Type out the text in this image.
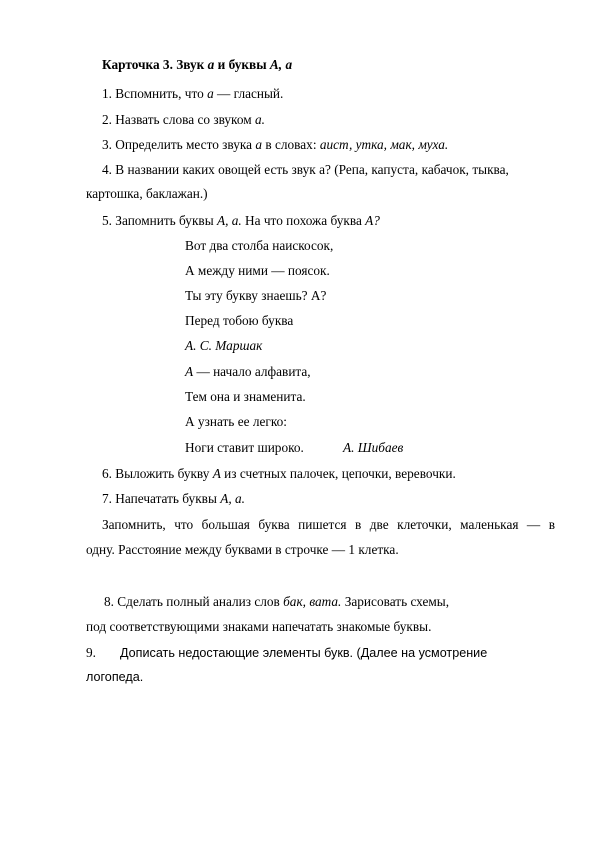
Карточка 3. Звук а и буквы А, а
1. Вспомнить, что а — гласный.
2. Назвать слова со звуком а.
3. Определить место звука а в словах: аист, утка, мак, муха.
4. В названии каких овощей есть звук а? (Репа, капуста, кабачок, тыква,
картошка, баклажан.)
5. Запомнить буквы А, а. На что похожа буква А?
Вот два столба наискосок,
А между ними — поясок.
Ты эту букву знаешь? А?
Перед тобою буква
А. С. Маршак
А — начало алфавита,
Тем она и знаменита.
А узнать ее легко:
Ноги ставит широко.	А. Шибаев
6. Выложить букву А из счетных палочек, цепочки, веревочки.
7. Напечатать буквы А, а.
Запомнить, что большая буква пишется в две клеточки, маленькая — в
одну. Расстояние между буквами в строчке — 1 клетка.
8. Сделать полный анализ слов бак, вата. Зарисовать схемы,
под соответствующими знаками напечатать знакомые буквы.
9. Дописать недостающие элементы букв. (Далее на усмотрение
логопеда.
